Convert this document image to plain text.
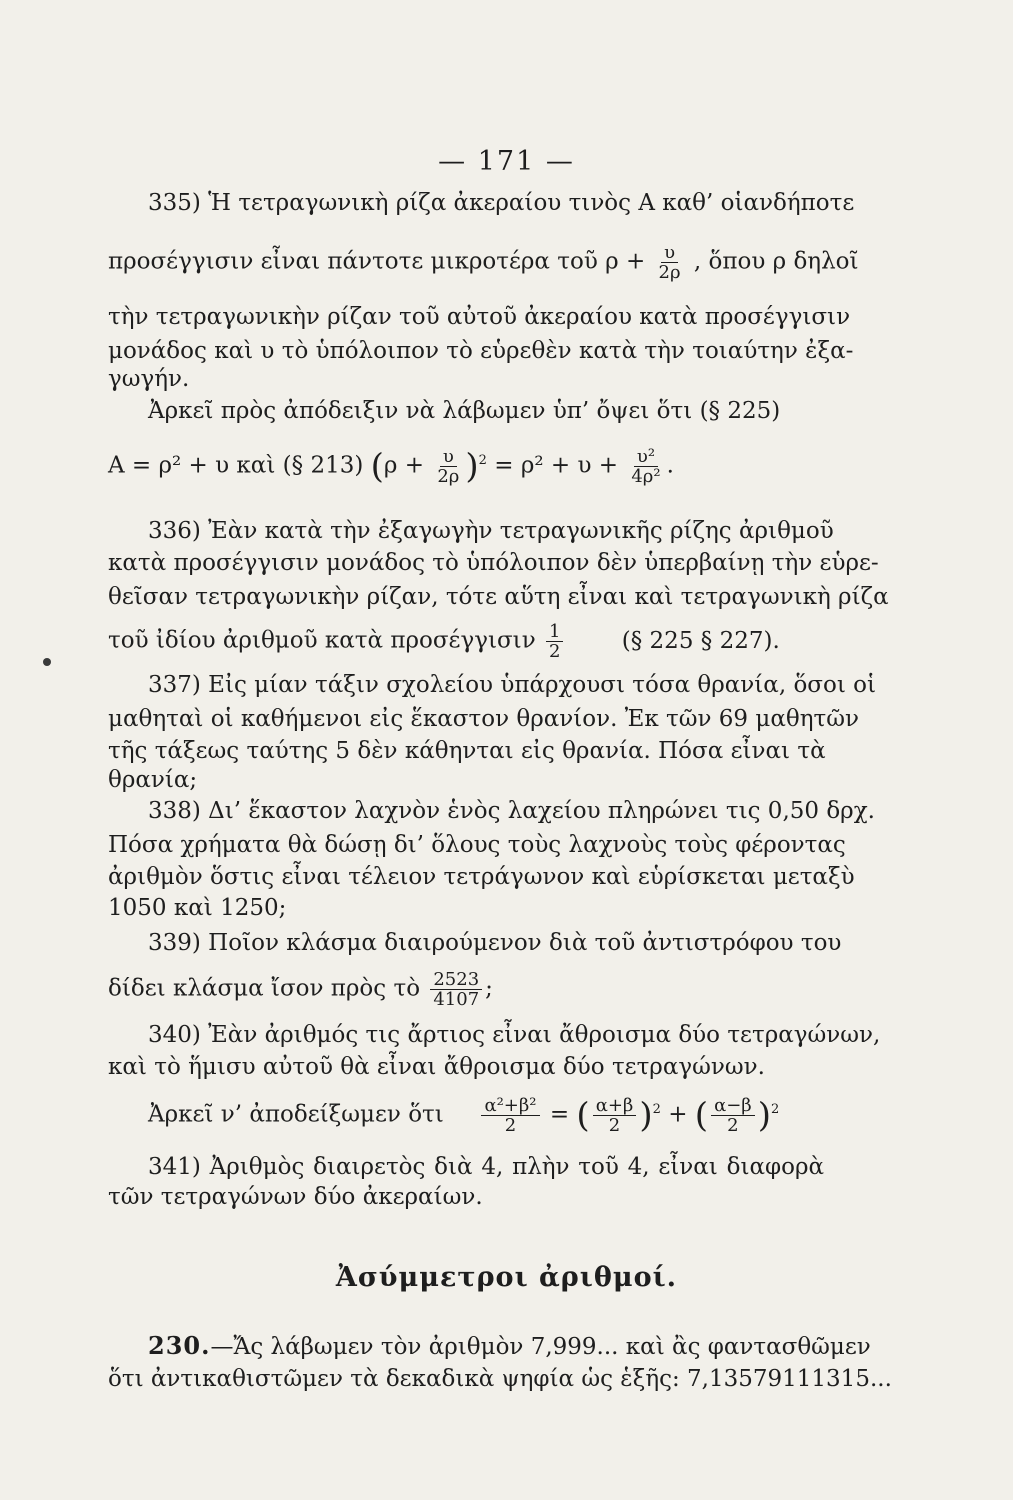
— 171 —
335) Ἡ τετραγωνικὴ ρίζα ἀκεραίου τινὸς Α καθ’ οἱανδήποτε
προσέγγισιν εἶναι πάντοτε μικροτέρα τοῦ $\rho + \frac{\upsilon}{2\rho}$ , ὅπου ρ δηλοῖ
τὴν τετραγωνικὴν ρίζαν τοῦ αὐτοῦ ἀκεραίου κατὰ προσέγγισιν
μονάδος καὶ υ τὸ ὑπόλοιπον τὸ εὑρεθὲν κατὰ τὴν τοιαύτην ἐξα-
γωγήν.
Ἀρκεῖ πρὸς ἀπόδειξιν νὰ λάβωμεν ὑπ’ ὄψει ὅτι (§ 225)
Α = ρ² + υ καὶ (§ 213) $(\rho + \frac{\upsilon}{2\rho} )^2 = \rho^2 + \upsilon + \frac{\text{υ²}}{\text{4ρ²}}$ .
336) Ἐὰν κατὰ τὴν ἐξαγωγὴν τετραγωνικῆς ρίζης ἀριθμοῦ
κατὰ προσέγγισιν μονάδος τὸ ὑπόλοιπον δὲν ὑπερβαίνῃ τὴν εὑρε-
θεῖσαν τετραγωνικὴν ρίζαν, τότε αὕτη εἶναι καὶ τετραγωνικὴ ρίζα
τοῦ ἰδίου ἀριθμοῦ κατὰ προσέγγισιν $\frac{1}{2}$	(§ 225 § 227).
337) Εἰς μίαν τάξιν σχολείου ὑπάρχουσι τόσα θρανία, ὅσοι οἱ
μαθηταὶ οἱ καθήμενοι εἰς ἕκαστον θρανίον. Ἐκ τῶν 69 μαθητῶν
τῆς τάξεως ταύτης 5 δὲν κάθηνται εἰς θρανία. Πόσα εἶναι τὰ
θρανία;
338) Δι’ ἕκαστον λαχνὸν ἑνὸς λαχείου πληρώνει τις 0,50 δρχ.
Πόσα χρήματα θὰ δώσῃ δι’ ὅλους τοὺς λαχνοὺς τοὺς φέροντας
ἀριθμὸν ὅστις εἶναι τέλειον τετράγωνον καὶ εὑρίσκεται μεταξὺ
1050 καὶ 1250;
339) Ποῖον κλάσμα διαιρούμενον διὰ τοῦ ἀντιστρόφου του
δίδει κλάσμα ἴσον πρὸς τὸ $\frac{2523}{4107}$ ;
340) Ἐὰν ἀριθμός τις ἄρτιος εἶναι ἄθροισμα δύο τετραγώνων,
καὶ τὸ ἥμισυ αὐτοῦ θὰ εἶναι ἄθροισμα δύο τετραγώνων.
Ἀρκεῖ ν’ ἀποδείξωμεν ὅτι $\frac{\text{α²+β²}}{2}$ = ( $\frac{\alpha+\beta}{2} )^2$ + ( $\frac{\alpha-\beta}{2} )^2$
341) Ἀριθμὸς διαιρετὸς διὰ 4, πλὴν τοῦ 4, εἶναι διαφορὰ
τῶν τετραγώνων δύο ἀκεραίων.
Ἀσύμμετροι ἀριθμοί.
230.—Ἄς λάβωμεν τὸν ἀριθμὸν 7,999... καὶ ἂς φαντασθῶμεν
ὅτι ἀντικαθιστῶμεν τὰ δεκαδικὰ ψηφία ὡς ἑξῆς: 7,13579111315...
